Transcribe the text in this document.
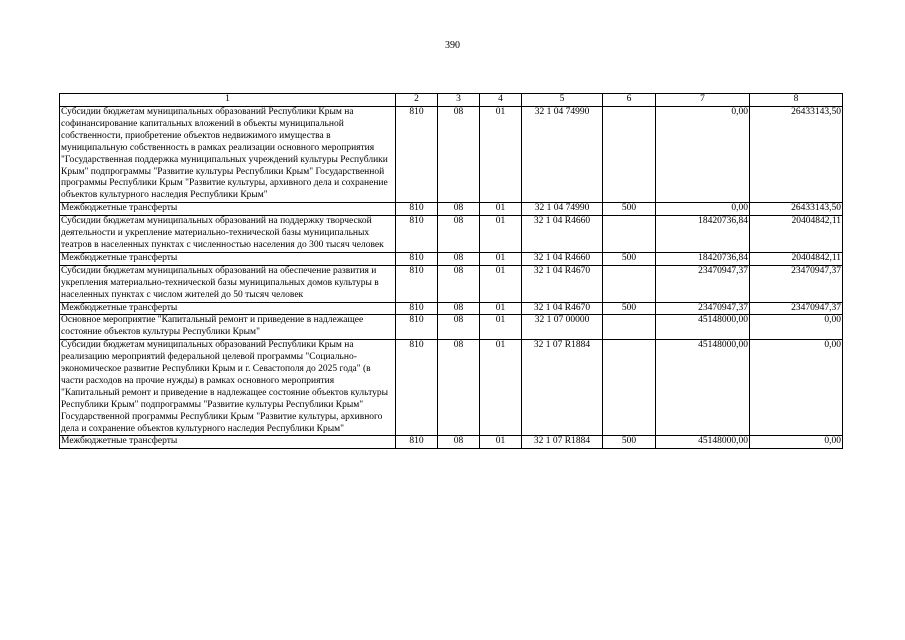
390
1	2	3	4	5	6	7	8
Субсидии бюджетам муниципальных образований Республики Крым на софинансирование капитальных вложений в объекты муниципальной собственности, приобретение объектов недвижимого имущества в муниципальную собственность в рамках реализации основного мероприятия "Государственная поддержка муниципальных учреждений культуры Республики Крым" подпрограммы "Развитие культуры Республики Крым" Государственной программы Республики Крым "Развитие культуры, архивного дела и сохранение объектов культурного наследия Республики Крым"	810	08	01	32 1 04 74990		0,00	26433143,50
Межбюджетные трансферты	810	08	01	32 1 04 74990	500	0,00	26433143,50
Субсидии бюджетам муниципальных образований на поддержку творческой деятельности и укрепление материально-технической базы муниципальных театров в населенных пунктах с численностью населения до 300 тысяч человек	810	08	01	32 1 04 R4660		18420736,84	20404842,11
Межбюджетные трансферты	810	08	01	32 1 04 R4660	500	18420736,84	20404842,11
Субсидии бюджетам муниципальных образований на обеспечение развития и укрепления материально-технической базы муниципальных домов культуры в населенных пунктах с числом жителей до 50 тысяч человек	810	08	01	32 1 04 R4670		23470947,37	23470947,37
Межбюджетные трансферты	810	08	01	32 1 04 R4670	500	23470947,37	23470947,37
Основное мероприятие "Капитальный ремонт и приведение в надлежащее состояние объектов культуры Республики Крым"	810	08	01	32 1 07 00000		45148000,00	0,00
Субсидии бюджетам муниципальных образований Республики Крым на реализацию мероприятий федеральной целевой программы "Социально-экономическое развитие Республики Крым и г. Севастополя до 2025 года" (в части расходов на прочие нужды) в рамках основного мероприятия "Капитальный ремонт и приведение в надлежащее состояние объектов культуры Республики Крым" подпрограммы "Развитие культуры Республики Крым" Государственной программы Республики Крым "Развитие культуры, архивного дела и сохранение объектов культурного наследия Республики Крым"	810	08	01	32 1 07 R1884		45148000,00	0,00
Межбюджетные трансферты	810	08	01	32 1 07 R1884	500	45148000,00	0,00
